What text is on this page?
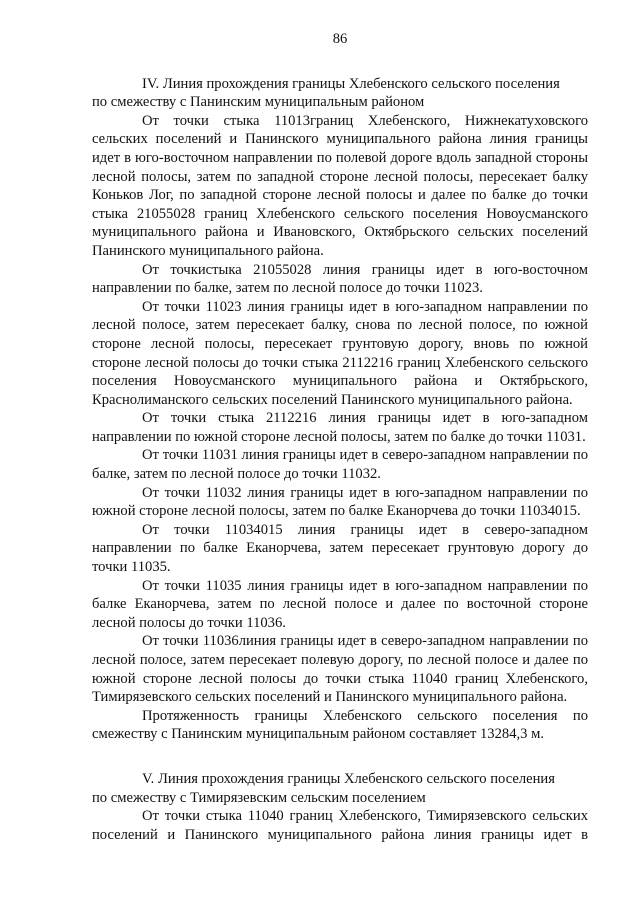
86
IV. Линия прохождения границы Хлебенского сельского поселения
по смежеству с Панинским муниципальным районом

От точки стыка 11013границ Хлебенского, Нижнекатуховского сельских поселений и Панинского муниципального района линия границы идет в юго-восточном направлении по полевой дороге вдоль западной стороны лесной полосы, затем по западной стороне лесной полосы, пересекает балку Коньков Лог, по западной стороне лесной полосы и далее по балке до точки стыка 21055028 границ Хлебенского сельского поселения Новоусманского муниципального района и Ивановского, Октябрьского сельских поселений Панинского муниципального района.

От точкистыка 21055028 линия границы идет в юго-восточном направлении по балке, затем по лесной полосе до точки 11023.

От точки 11023 линия границы идет в юго-западном направлении по лесной полосе, затем пересекает балку, снова по лесной полосе, по южной стороне лесной полосы, пересекает грунтовую дорогу, вновь по южной стороне лесной полосы до точки стыка 2112216 границ Хлебенского сельского поселения Новоусманского муниципального района и Октябрьского, Краснолиманского сельских поселений Панинского муниципального района.

От точки стыка 2112216 линия границы идет в юго-западном направлении по южной стороне лесной полосы, затем по балке до точки 11031.

От точки 11031 линия границы идет в северо-западном направлении по балке, затем по лесной полосе до точки 11032.

От точки 11032 линия границы идет в юго-западном направлении по южной стороне лесной полосы, затем по балке Еканорчева до точки 11034015.

От точки 11034015 линия границы идет в северо-западном направлении по балке Еканорчева, затем пересекает грунтовую дорогу до точки 11035.

От точки 11035 линия границы идет в юго-западном направлении по балке Еканорчева, затем по лесной полосе и далее по восточной стороне лесной полосы до точки 11036.

От точки 11036линия границы идет в северо-западном направлении по лесной полосе, затем пересекает полевую дорогу, по лесной полосе и далее по южной стороне лесной полосы до точки стыка 11040 границ Хлебенского, Тимирязевского сельских поселений и Панинского муниципального района.

Протяженность границы Хлебенского сельского поселения по смежеству с Панинским муниципальным районом составляет 13284,3 м.

V. Линия прохождения границы Хлебенского сельского поселения
по смежеству с Тимирязевским сельским поселением

От точки стыка 11040 границ Хлебенского, Тимирязевского сельских поселений и Панинского муниципального района линия границы идет в
